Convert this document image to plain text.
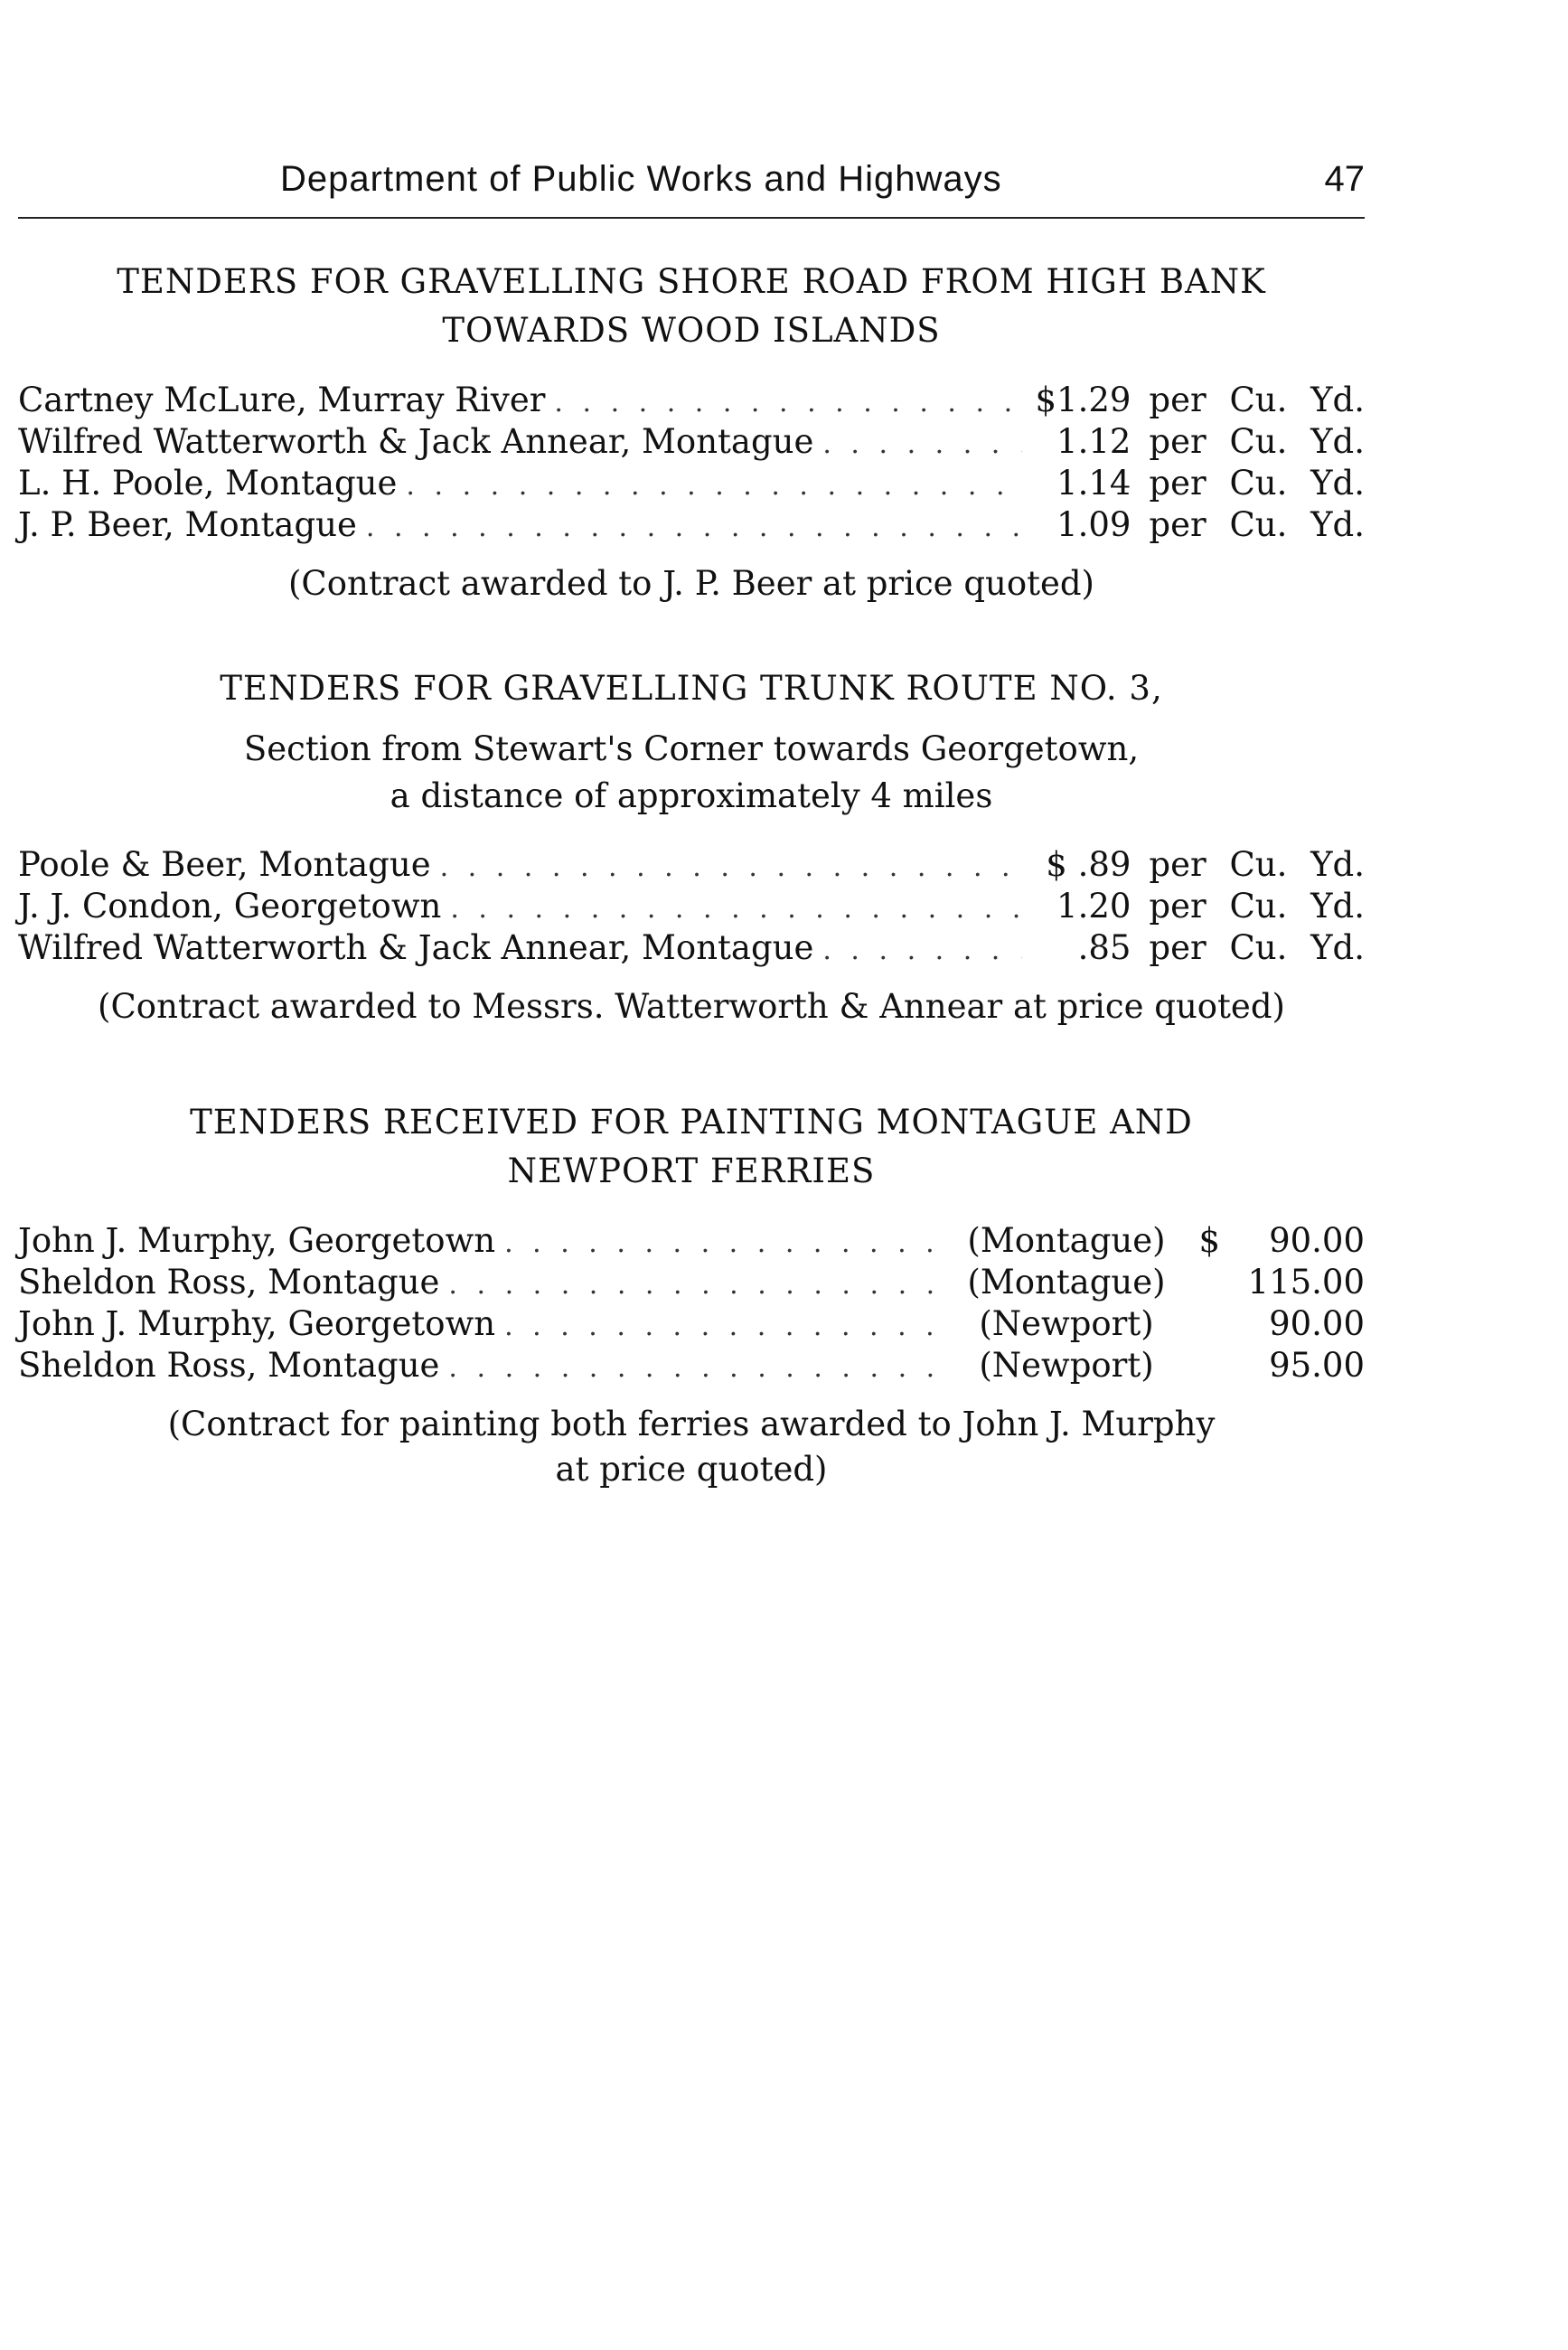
Department of Public Works and Highways	47

TENDERS FOR GRAVELLING SHORE ROAD FROM HIGH BANK

TOWARDS WOOD ISLANDS

Cartney McLure, Murray River . . .	$1.29 per Cu. Yd.
Wilfred Watterworth & Jack Annear, Montague . . .	1.12 per Cu. Yd.
L. H. Poole, Montague . . .	1.14 per Cu. Yd.
J. P. Beer, Montague . . .	1.09 per Cu. Yd.

(Contract awarded to J. P. Beer at price quoted)

TENDERS FOR GRAVELLING TRUNK ROUTE NO. 3,

Section from Stewart's Corner towards Georgetown,

a distance of approximately 4 miles

Poole & Beer, Montague . . .	$ .89 per Cu. Yd.
J. J. Condon, Georgetown . . .	1.20 per Cu. Yd.
Wilfred Watterworth & Jack Annear, Montague . . .	.85 per Cu. Yd.

(Contract awarded to Messrs. Watterworth & Annear at price quoted)

TENDERS RECEIVED FOR PAINTING MONTAGUE AND

NEWPORT FERRIES

John J. Murphy, Georgetown . . .	(Montague) $	90.00
Sheldon Ross, Montague . . .	(Montague)	115.00
John J. Murphy, Georgetown . . .	(Newport)	90.00
Sheldon Ross, Montague . . .	(Newport)	95.00

(Contract for painting both ferries awarded to John J. Murphy

at price quoted)
